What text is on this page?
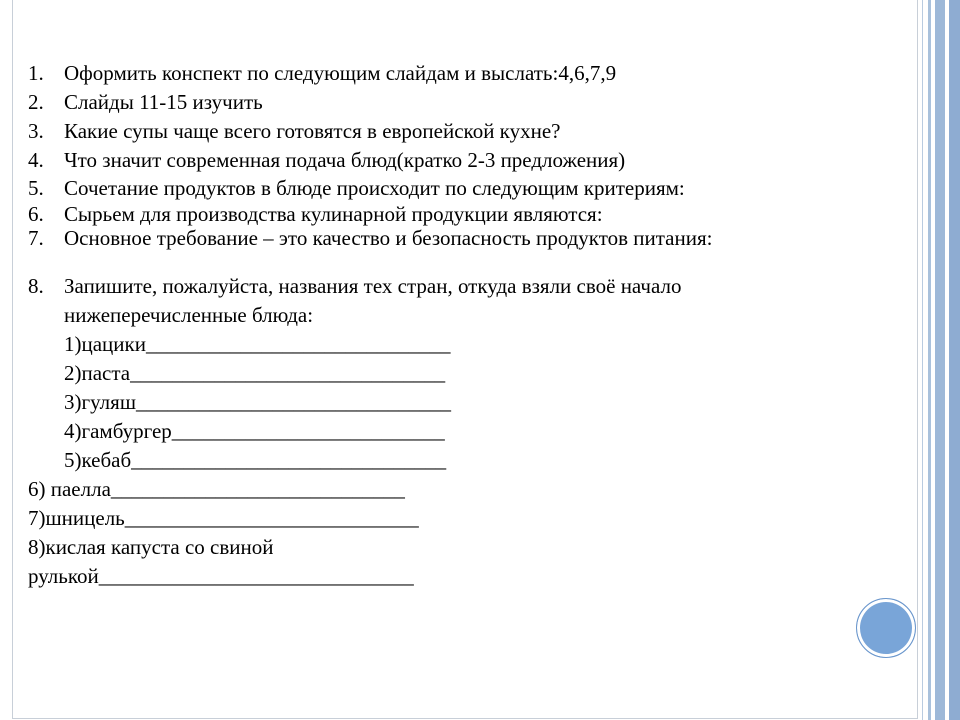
1. Оформить конспект по следующим слайдам и выслать:4,6,7,9
2. Слайды 11-15 изучить
3. Какие супы чаще всего готовятся в европейской кухне?
4. Что значит современная подача блюд(кратко 2-3 предложения)
5. Сочетание продуктов в блюде происходит по следующим критериям:
6. Сырьем для производства кулинарной продукции являются:
7. Основное требование – это качество и безопасность продуктов питания:
8. Запишите, пожалуйста, названия тех стран, откуда взяли своё начало нижеперечисленные блюда:
1)цацики_____________________________
2)паста______________________________
3)гуляш______________________________
4)гамбургер__________________________
5)кебаб______________________________
6) паелла____________________________
7)шницель____________________________
8)кислая капуста со свиной
рулькой______________________________
